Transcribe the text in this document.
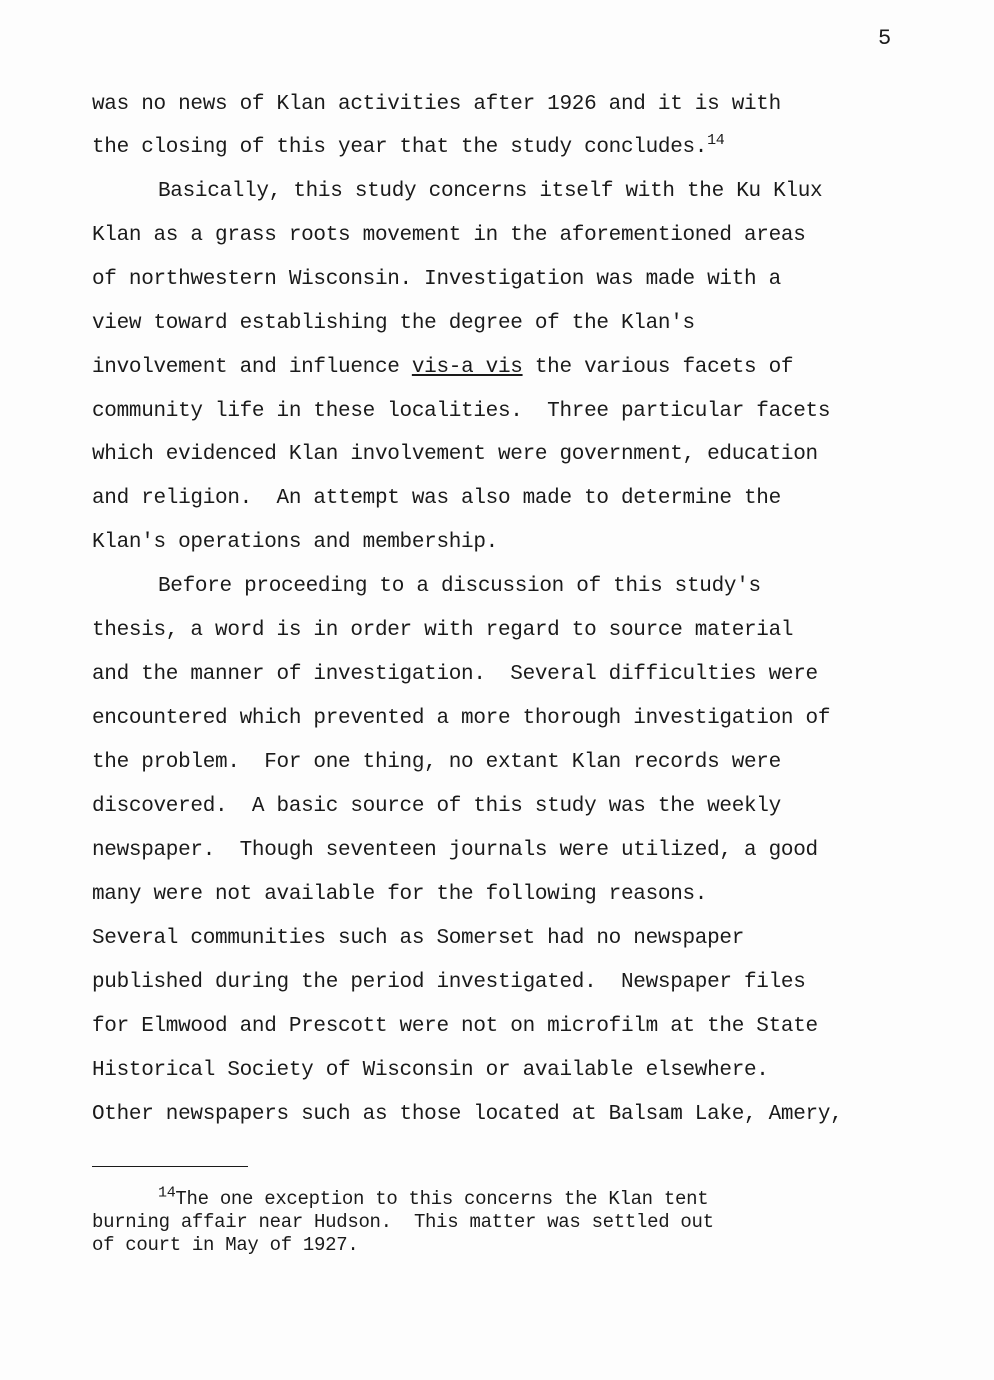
5
was no news of Klan activities after 1926 and it is with
the closing of this year that the study concludes.$^{14}$
Basically, this study concerns itself with the Ku Klux
Klan as a grass roots movement in the aforementioned areas
of northwestern Wisconsin. Investigation was made with a
view toward establishing the degree of the Klan's
involvement and influence vis-a vis the various facets of
community life in these localities.  Three particular facets
which evidenced Klan involvement were government, education
and religion.  An attempt was also made to determine the
Klan's operations and membership.
Before proceeding to a discussion of this study's
thesis, a word is in order with regard to source material
and the manner of investigation.  Several difficulties were
encountered which prevented a more thorough investigation of
the problem.  For one thing, no extant Klan records were
discovered.  A basic source of this study was the weekly
newspaper.  Though seventeen journals were utilized, a good
many were not available for the following reasons.
Several communities such as Somerset had no newspaper
published during the period investigated.  Newspaper files
for Elmwood and Prescott were not on microfilm at the State
Historical Society of Wisconsin or available elsewhere.
Other newspapers such as those located at Balsam Lake, Amery,
$^{14}$The one exception to this concerns the Klan tent
burning affair near Hudson.  This matter was settled out
of court in May of 1927.
